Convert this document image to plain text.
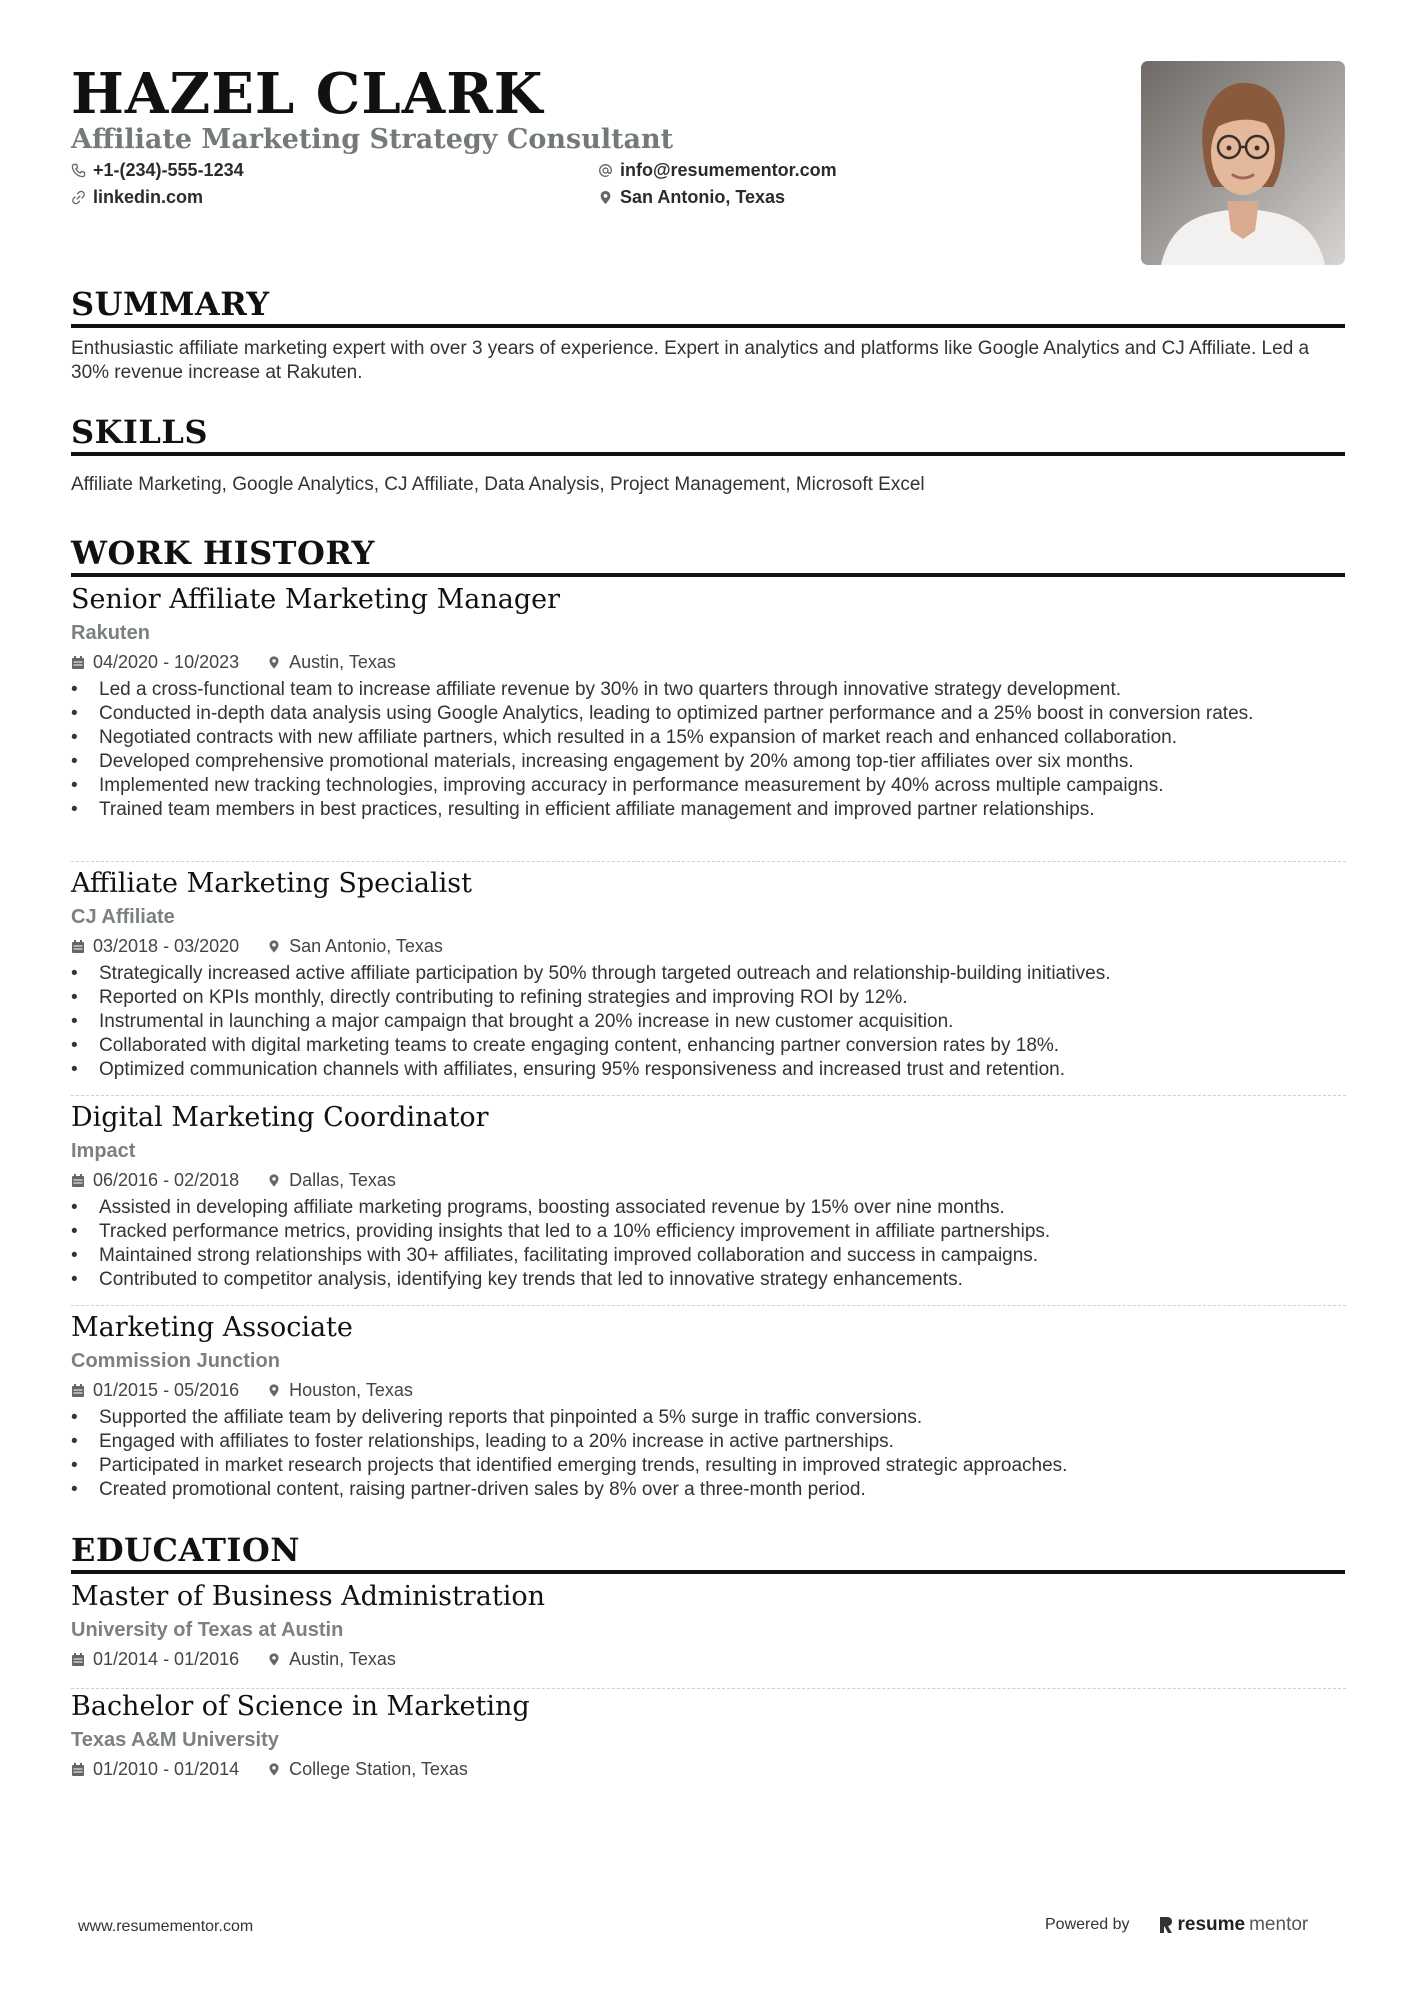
HAZEL CLARK
Affiliate Marketing Strategy Consultant
+1-(234)-555-1234
linkedin.com
info@resumementor.com
San Antonio, Texas
SUMMARY

Enthusiastic affiliate marketing expert with over 3 years of experience. Expert in analytics and platforms like Google Analytics and CJ Affiliate. Led a 30% revenue increase at Rakuten.

SKILLS

Affiliate Marketing, Google Analytics, CJ Affiliate, Data Analysis, Project Management, Microsoft Excel

WORK HISTORY

Senior Affiliate Marketing Manager

Rakuten
04/2020 - 10/2023	Austin, Texas
• Led a cross-functional team to increase affiliate revenue by 30% in two quarters through innovative strategy development.
• Conducted in-depth data analysis using Google Analytics, leading to optimized partner performance and a 25% boost in conversion rates.
• Negotiated contracts with new affiliate partners, which resulted in a 15% expansion of market reach and enhanced collaboration.
• Developed comprehensive promotional materials, increasing engagement by 20% among top-tier affiliates over six months.
• Implemented new tracking technologies, improving accuracy in performance measurement by 40% across multiple campaigns.
• Trained team members in best practices, resulting in efficient affiliate management and improved partner relationships.

Affiliate Marketing Specialist

CJ Affiliate
03/2018 - 03/2020	San Antonio, Texas
• Strategically increased active affiliate participation by 50% through targeted outreach and relationship-building initiatives.
• Reported on KPIs monthly, directly contributing to refining strategies and improving ROI by 12%.
• Instrumental in launching a major campaign that brought a 20% increase in new customer acquisition.
• Collaborated with digital marketing teams to create engaging content, enhancing partner conversion rates by 18%.
• Optimized communication channels with affiliates, ensuring 95% responsiveness and increased trust and retention.

Digital Marketing Coordinator

Impact
06/2016 - 02/2018	Dallas, Texas
• Assisted in developing affiliate marketing programs, boosting associated revenue by 15% over nine months.
• Tracked performance metrics, providing insights that led to a 10% efficiency improvement in affiliate partnerships.
• Maintained strong relationships with 30+ affiliates, facilitating improved collaboration and success in campaigns.
• Contributed to competitor analysis, identifying key trends that led to innovative strategy enhancements.

Marketing Associate

Commission Junction
01/2015 - 05/2016	Houston, Texas
• Supported the affiliate team by delivering reports that pinpointed a 5% surge in traffic conversions.
• Engaged with affiliates to foster relationships, leading to a 20% increase in active partnerships.
• Participated in market research projects that identified emerging trends, resulting in improved strategic approaches.
• Created promotional content, raising partner-driven sales by 8% over a three-month period.
EDUCATION

Master of Business Administration

University of Texas at Austin
01/2014 - 01/2016	Austin, Texas

Bachelor of Science in Marketing

Texas A&M University
01/2010 - 01/2014	College Station, Texas
www.resumementor.com	Powered by	resume mentor
